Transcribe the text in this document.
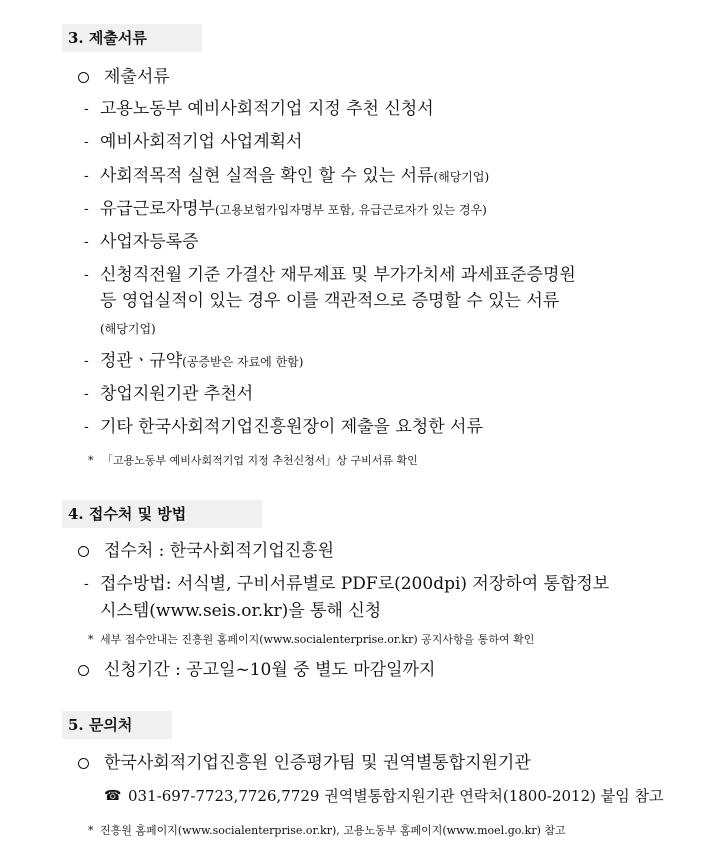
3. 제출서류
제출서류
- 고용노동부 예비사회적기업 지정 추천 신청서
- 예비사회적기업 사업계획서
- 사회적목적 실현 실적을 확인 할 수 있는 서류(해당기업)
- 유급근로자명부(고용보험가입자명부 포함, 유급근로자가 있는 경우)
- 사업자등록증
- 신청직전월 기준 가결산 재무제표 및 부가가치세 과세표준증명원
등 영업실적이 있는 경우 이를 객관적으로 증명할 수 있는 서류
(해당기업)
- 정관ㆍ규약(공증받은 자료에 한함)
- 창업지원기관 추천서
- 기타 한국사회적기업진흥원장이 제출을 요청한 서류
* 「고용노동부 예비사회적기업 지정 추천신청서」상 구비서류 확인
4. 접수처 및 방법
접수처 : 한국사회적기업진흥원
- 접수방법: 서식별, 구비서류별로 PDF로(200dpi) 저장하여 통합정보
시스템(www.seis.or.kr)을 통해 신청
* 세부 접수안내는 진흥원 홈페이지(www.socialenterprise.or.kr) 공지사항을 통하여 확인
신청기간 : 공고일~10월 중 별도 마감일까지
5. 문의처
한국사회적기업진흥원 인증평가팀 및 권역별통합지원기관
☎ 031-697-7723,7726,7729 권역별통합지원기관 연락처(1800-2012) 붙임 참고
* 진흥원 홈페이지(www.socialenterprise.or.kr), 고용노동부 홈페이지(www.moel.go.kr) 참고
